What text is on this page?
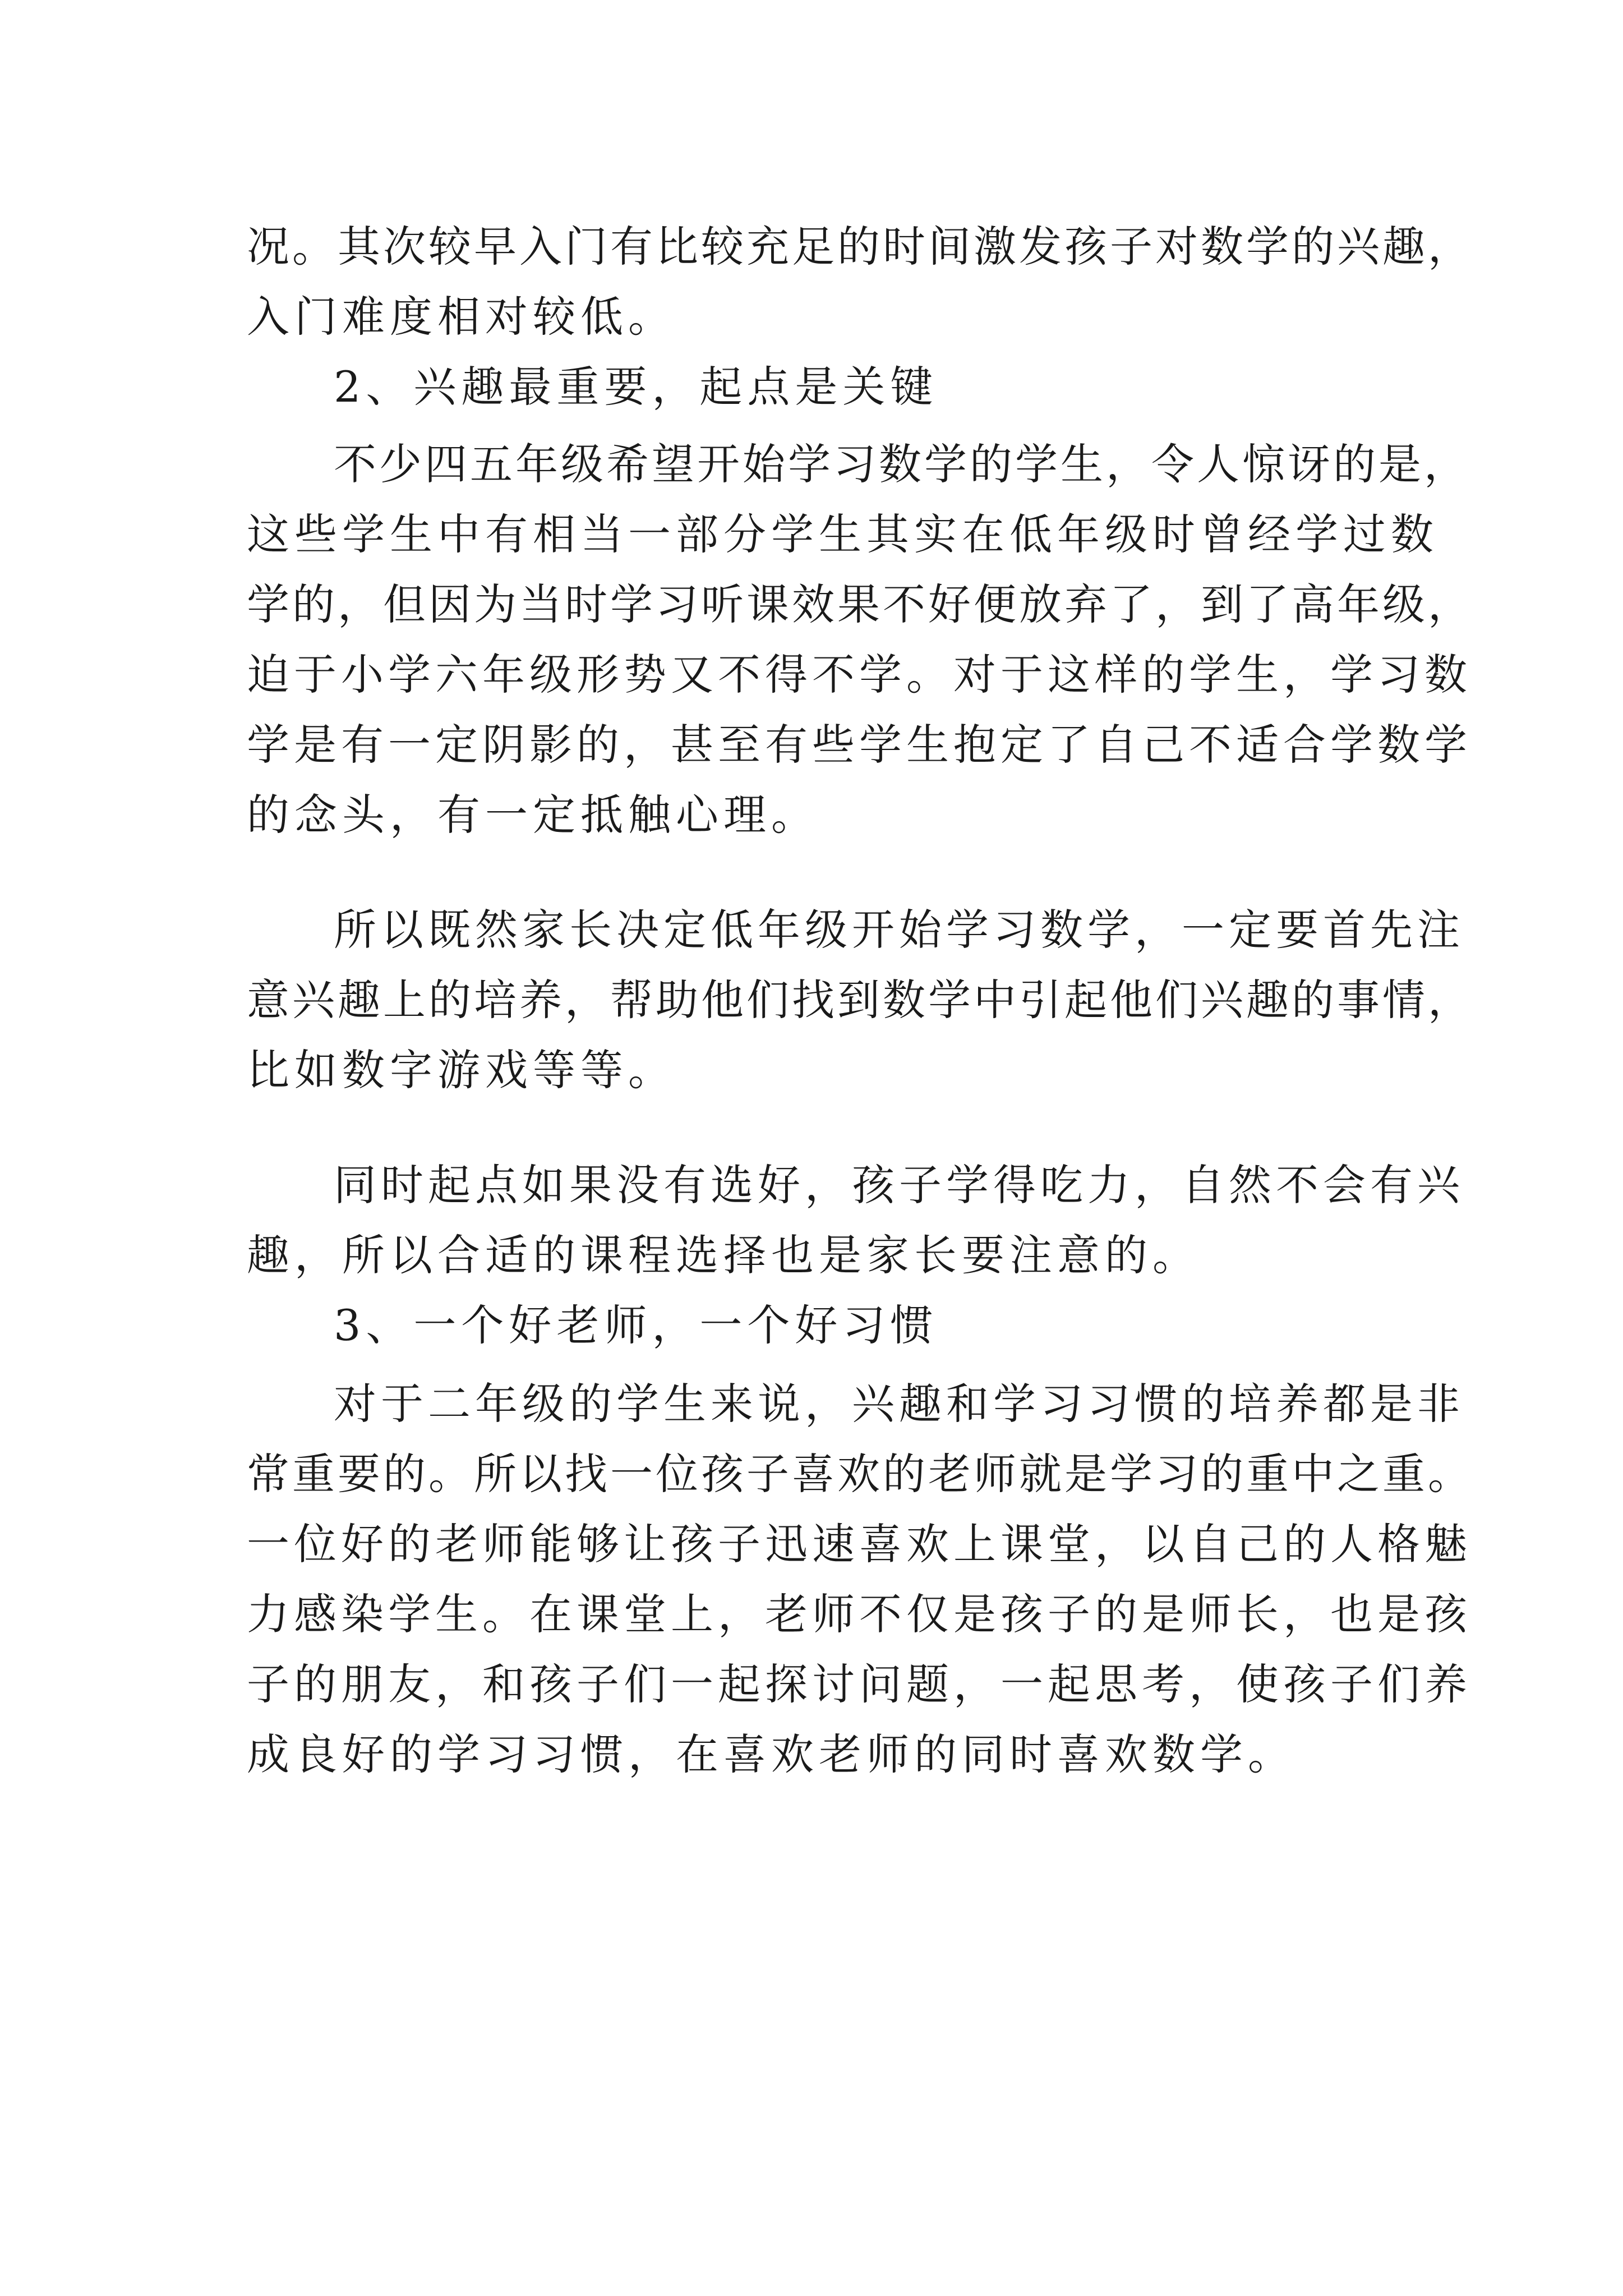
况。其次较早入门有比较充足的时间激发孩子对数学的兴趣，
入门难度相对较低。
2、兴趣最重要，起点是关键
不少四五年级希望开始学习数学的学生，令人惊讶的是，
这些学生中有相当一部分学生其实在低年级时曾经学过数
学的，但因为当时学习听课效果不好便放弃了，到了高年级，
迫于小学六年级形势又不得不学。对于这样的学生，学习数
学是有一定阴影的，甚至有些学生抱定了自己不适合学数学
的念头，有一定抵触心理。
所以既然家长决定低年级开始学习数学，一定要首先注
意兴趣上的培养，帮助他们找到数学中引起他们兴趣的事情，
比如数字游戏等等。
同时起点如果没有选好，孩子学得吃力，自然不会有兴
趣，所以合适的课程选择也是家长要注意的。
3、一个好老师，一个好习惯
对于二年级的学生来说，兴趣和学习习惯的培养都是非
常重要的。所以找一位孩子喜欢的老师就是学习的重中之重。
一位好的老师能够让孩子迅速喜欢上课堂，以自己的人格魅
力感染学生。在课堂上，老师不仅是孩子的是师长，也是孩
子的朋友，和孩子们一起探讨问题，一起思考，使孩子们养
成良好的学习习惯，在喜欢老师的同时喜欢数学。
